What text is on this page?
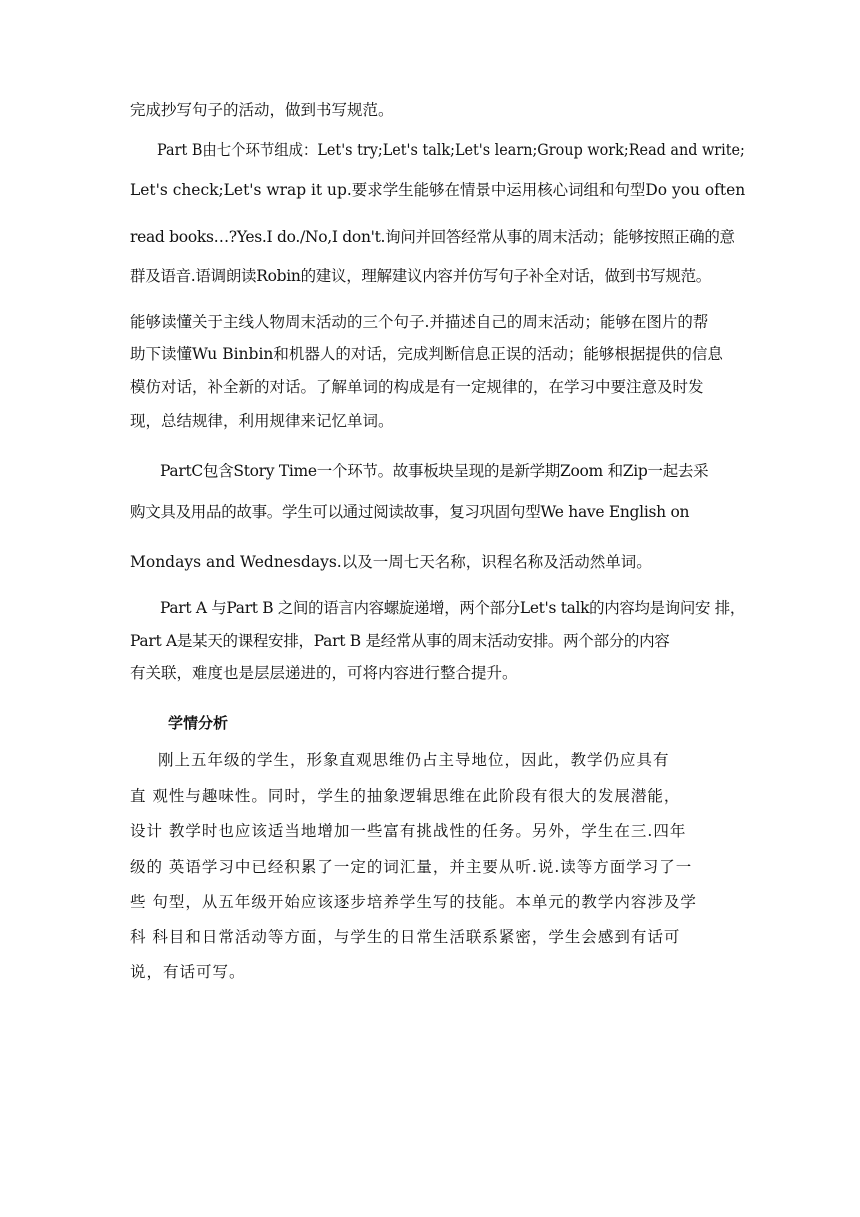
完成抄写句子的活动，做到书写规范。
Part B由七个环节组成：Let's try;Let's talk;Let's learn;Group work;Read and write;
Let's check;Let's wrap it up.要求学生能够在情景中运用核心词组和句型Do you often
read books…?Yes.I do./No,I don't.询问并回答经常从事的周末活动；能够按照正确的意
群及语音.语调朗读Robin的建议，理解建议内容并仿写句子补全对话，做到书写规范。
能够读懂关于主线人物周末活动的三个句子.并描述自己的周末活动；能够在图片的帮
助下读懂Wu Binbin和机器人的对话，完成判断信息正误的活动；能够根据提供的信息
模仿对话，补全新的对话。了解单词的构成是有一定规律的，在学习中要注意及时发
现，总结规律，利用规律来记忆单词。
PartC包含Story Time一个环节。故事板块呈现的是新学期Zoom 和Zip一起去采
购文具及用品的故事。学生可以通过阅读故事，复习巩固句型We have English on
Mondays and Wednesdays.以及一周七天名称，识程名称及活动然单词。
Part A 与Part B 之间的语言内容螺旋递增，两个部分Let's talk的内容均是询问安 排，
Part A是某天的课程安排，Part B 是经常从事的周末活动安排。两个部分的内容
有关联，难度也是层层递进的，可将内容进行整合提升。
学情分析
刚上五年级的学生，形象直观思维仍占主导地位，因此，教学仍应具有
直 观性与趣味性。同时，学生的抽象逻辑思维在此阶段有很大的发展潜能，
设计 教学时也应该适当地增加一些富有挑战性的任务。另外，学生在三.四年
级的 英语学习中已经积累了一定的词汇量，并主要从听.说.读等方面学习了一
些 句型，从五年级开始应该逐步培养学生写的技能。本单元的教学内容涉及学
科 科目和日常活动等方面，与学生的日常生活联系紧密，学生会感到有话可
说，有话可写。
